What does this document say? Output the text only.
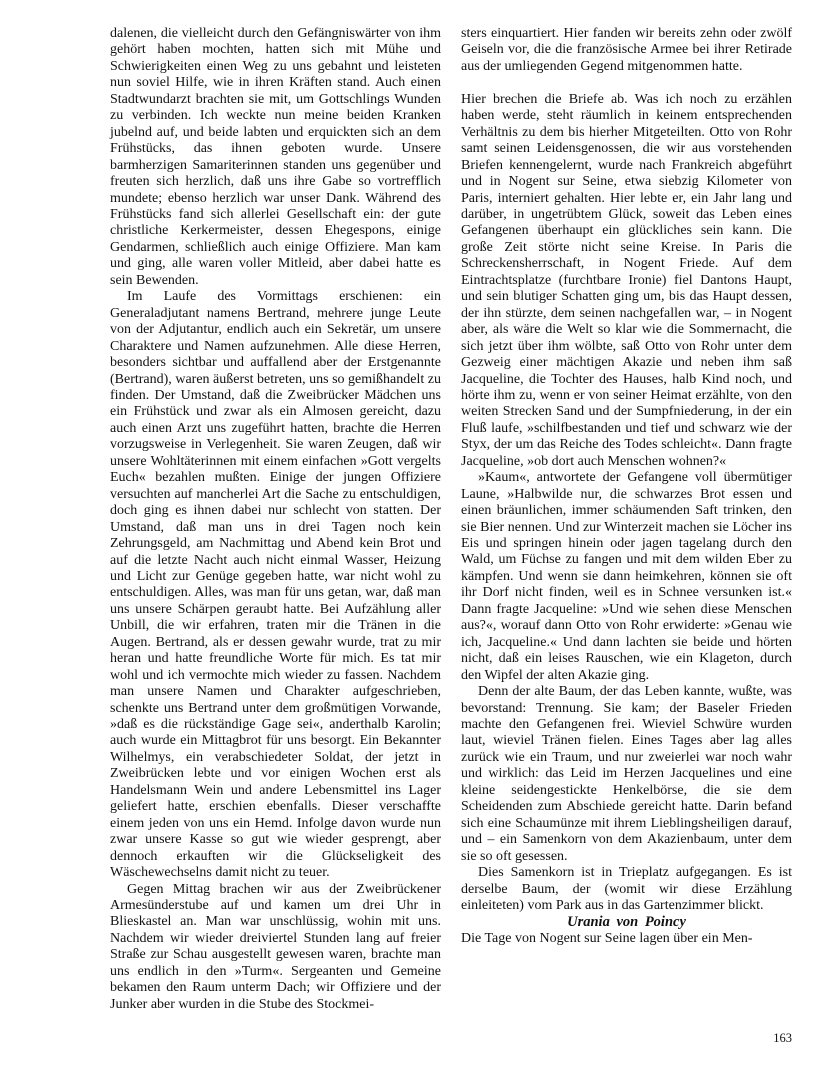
dalenen, die vielleicht durch den Gefängniswärter von ihm gehört haben mochten, hatten sich mit Mühe und Schwierigkeiten einen Weg zu uns gebahnt und leisteten nun soviel Hilfe, wie in ihren Kräften stand. Auch einen Stadtwundarzt brachten sie mit, um Gottschlings Wunden zu verbinden. Ich weckte nun meine beiden Kranken jubelnd auf, und beide labten und erquickten sich an dem Frühstücks, das ihnen geboten wurde. Unsere barmherzigen Samariterinnen standen uns gegenüber und freuten sich herzlich, daß uns ihre Gabe so vortrefflich mundete; ebenso herzlich war unser Dank. Während des Frühstücks fand sich allerlei Gesellschaft ein: der gute christliche Kerkermeister, dessen Ehegespons, einige Gendarmen, schließlich auch einige Offiziere. Man kam und ging, alle waren voller Mitleid, aber dabei hatte es sein Bewenden.

Im Laufe des Vormittags erschienen: ein Generaladjutant namens Bertrand, mehrere junge Leute von der Adjutantur, endlich auch ein Sekretär, um unsere Charaktere und Namen aufzunehmen. Alle diese Herren, besonders sichtbar und auffallend aber der Erstgenannte (Bertrand), waren äußerst betreten, uns so gemißhandelt zu finden. Der Umstand, daß die Zweibrücker Mädchen uns ein Frühstück und zwar als ein Almosen gereicht, dazu auch einen Arzt uns zugeführt hatten, brachte die Herren vorzugsweise in Verlegenheit. Sie waren Zeugen, daß wir unsere Wohltäterinnen mit einem einfachen »Gott vergelts Euch« bezahlen mußten. Einige der jungen Offiziere versuchten auf mancherlei Art die Sache zu entschuldigen, doch ging es ihnen dabei nur schlecht von statten. Der Umstand, daß man uns in drei Tagen noch kein Zehrungsgeld, am Nachmittag und Abend kein Brot und auf die letzte Nacht auch nicht einmal Wasser, Heizung und Licht zur Genüge gegeben hatte, war nicht wohl zu entschuldigen. Alles, was man für uns getan, war, daß man uns unsere Schärpen geraubt hatte. Bei Aufzählung aller Unbill, die wir erfahren, traten mir die Tränen in die Augen. Bertrand, als er dessen gewahr wurde, trat zu mir heran und hatte freundliche Worte für mich. Es tat mir wohl und ich vermochte mich wieder zu fassen. Nachdem man unsere Namen und Charakter aufgeschrieben, schenkte uns Bertrand unter dem großmütigen Vorwande, »daß es die rückständige Gage sei«, anderthalb Karolin; auch wurde ein Mittagbrot für uns besorgt. Ein Bekannter Wilhelmys, ein verabschiedeter Soldat, der jetzt in Zweibrücken lebte und vor einigen Wochen erst als Handelsmann Wein und andere Lebensmittel ins Lager geliefert hatte, erschien ebenfalls. Dieser verschaffte einem jeden von uns ein Hemd. Infolge davon wurde nun zwar unsere Kasse so gut wie wieder gesprengt, aber dennoch erkauften wir die Glückseligkeit des Wäschewechselns damit nicht zu teuer.

Gegen Mittag brachen wir aus der Zweibrückener Armesünderstube auf und kamen um drei Uhr in Blieskastel an. Man war unschlüssig, wohin mit uns. Nachdem wir wieder dreiviertel Stunden lang auf freier Straße zur Schau ausgestellt gewesen waren, brachte man uns endlich in den »Turm«. Sergeanten und Gemeine bekamen den Raum unterm Dach; wir Offiziere und der Junker aber wurden in die Stube des Stockmei-

sters einquartiert. Hier fanden wir bereits zehn oder zwölf Geiseln vor, die die französische Armee bei ihrer Retirade aus der umliegenden Gegend mitgenommen hatte.

Hier brechen die Briefe ab. Was ich noch zu erzählen haben werde, steht räumlich in keinem entsprechenden Verhältnis zu dem bis hierher Mitgeteilten. Otto von Rohr samt seinen Leidensgenossen, die wir aus vorstehenden Briefen kennengelernt, wurde nach Frankreich abgeführt und in Nogent sur Seine, etwa siebzig Kilometer von Paris, interniert gehalten. Hier lebte er, ein Jahr lang und darüber, in ungetrübtem Glück, soweit das Leben eines Gefangenen überhaupt ein glückliches sein kann. Die große Zeit störte nicht seine Kreise. In Paris die Schreckensherrschaft, in Nogent Friede. Auf dem Eintrachtsplatze (furchtbare Ironie) fiel Dantons Haupt, und sein blutiger Schatten ging um, bis das Haupt dessen, der ihn stürzte, dem seinen nachgefallen war, – in Nogent aber, als wäre die Welt so klar wie die Sommernacht, die sich jetzt über ihm wölbte, saß Otto von Rohr unter dem Gezweig einer mächtigen Akazie und neben ihm saß Jacqueline, die Tochter des Hauses, halb Kind noch, und hörte ihm zu, wenn er von seiner Heimat erzählte, von den weiten Strecken Sand und der Sumpfniederung, in der ein Fluß laufe, »schilfbestanden und tief und schwarz wie der Styx, der um das Reiche des Todes schleicht«. Dann fragte Jacqueline, »ob dort auch Menschen wohnen?«

»Kaum«, antwortete der Gefangene voll übermütiger Laune, »Halbwilde nur, die schwarzes Brot essen und einen bräunlichen, immer schäumenden Saft trinken, den sie Bier nennen. Und zur Winterzeit machen sie Löcher ins Eis und springen hinein oder jagen tagelang durch den Wald, um Füchse zu fangen und mit dem wilden Eber zu kämpfen. Und wenn sie dann heimkehren, können sie oft ihr Dorf nicht finden, weil es in Schnee versunken ist.« Dann fragte Jacqueline: »Und wie sehen diese Menschen aus?«, worauf dann Otto von Rohr erwiderte: »Genau wie ich, Jacqueline.« Und dann lachten sie beide und hörten nicht, daß ein leises Rauschen, wie ein Klageton, durch den Wipfel der alten Akazie ging.

Denn der alte Baum, der das Leben kannte, wußte, was bevorstand: Trennung. Sie kam; der Baseler Frieden machte den Gefangenen frei. Wieviel Schwüre wurden laut, wieviel Tränen fielen. Eines Tages aber lag alles zurück wie ein Traum, und nur zweierlei war noch wahr und wirklich: das Leid im Herzen Jacquelines und eine kleine seidengestickte Henkelbörse, die sie dem Scheidenden zum Abschiede gereicht hatte. Darin befand sich eine Schaumünze mit ihrem Lieblingsheiligen darauf, und – ein Samenkorn von dem Akazienbaum, unter dem sie so oft gesessen.

Dies Samenkorn ist in Trieplatz aufgegangen. Es ist derselbe Baum, der (womit wir diese Erzählung einleiteten) vom Park aus in das Gartenzimmer blickt.

Urania von Poincy

Die Tage von Nogent sur Seine lagen über ein Men-

163
